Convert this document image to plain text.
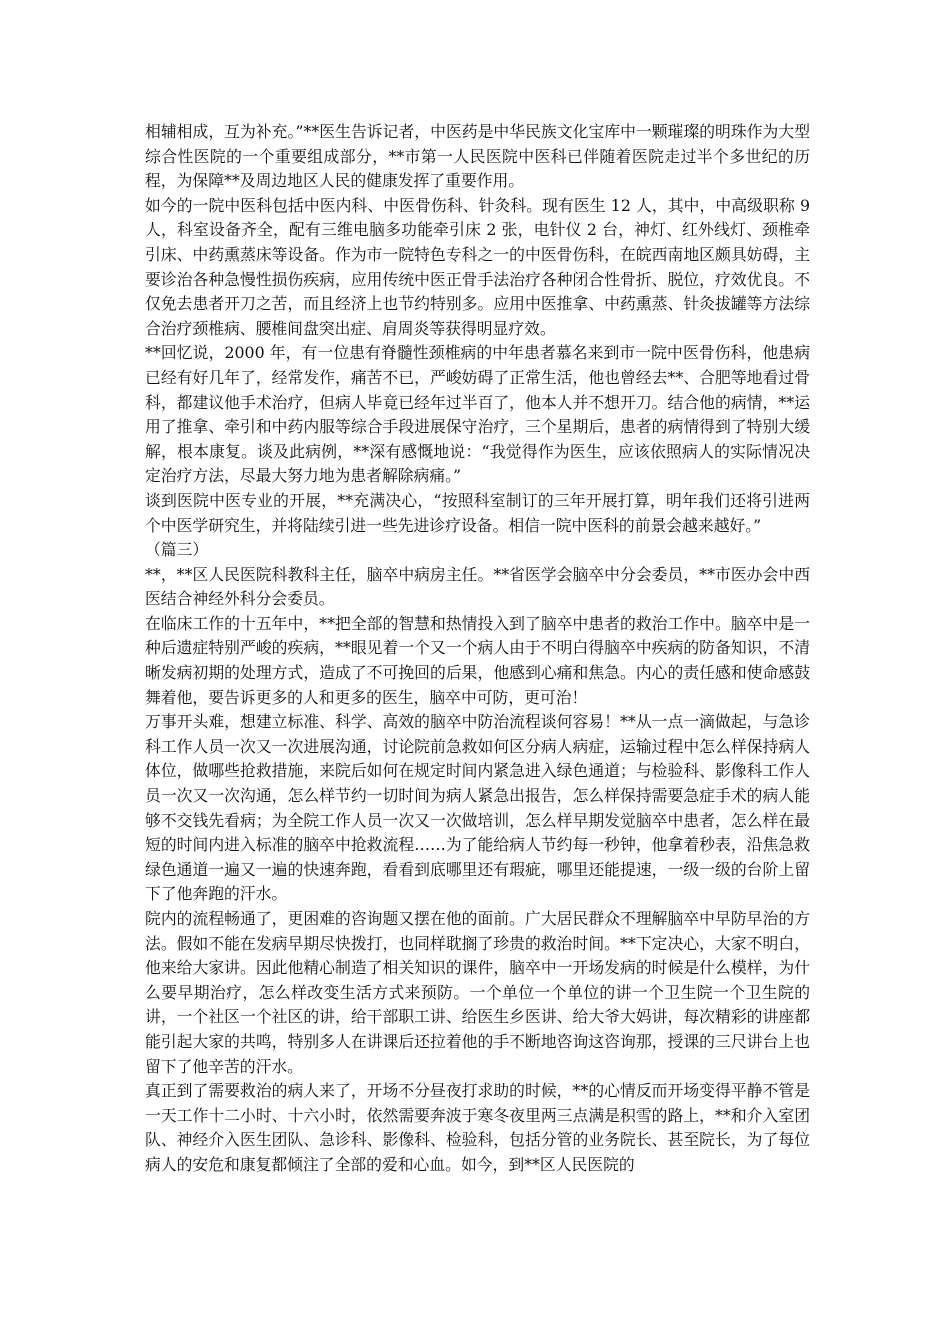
相辅相成，互为补充。”**医生告诉记者，中医药是中华民族文化宝库中一颗璀璨的明珠作为大型综合性医院的一个重要组成部分，**市第一人民医院中医科已伴随着医院走过半个多世纪的历程，为保障**及周边地区人民的健康发挥了重要作用。

如今的一院中医科包括中医内科、中医骨伤科、针灸科。现有医生 12 人，其中，中高级职称 9 人，科室设备齐全，配有三维电脑多功能牵引床 2 张，电针仪 2 台，神灯、红外线灯、颈椎牵引床、中药熏蒸床等设备。作为市一院特色专科之一的中医骨伤科，在皖西南地区颇具妨碍，主要诊治各种急慢性损伤疾病，应用传统中医正骨手法治疗各种闭合性骨折、脱位，疗效优良。不仅免去患者开刀之苦，而且经济上也节约特别多。应用中医推拿、中药熏蒸、针灸拔罐等方法综合治疗颈椎病、腰椎间盘突出症、肩周炎等获得明显疗效。

**回忆说，2000 年，有一位患有脊髓性颈椎病的中年患者慕名来到市一院中医骨伤科，他患病已经有好几年了，经常发作，痛苦不已，严峻妨碍了正常生活，他也曾经去**、合肥等地看过骨科，都建议他手术治疗，但病人毕竟已经年过半百了，他本人并不想开刀。结合他的病情，**运用了推拿、牵引和中药内服等综合手段进展保守治疗，三个星期后，患者的病情得到了特别大缓解，根本康复。谈及此病例，**深有感慨地说：“我觉得作为医生，应该依照病人的实际情况决定治疗方法，尽最大努力地为患者解除病痛。”

谈到医院中医专业的开展，**充满决心，“按照科室制订的三年开展打算，明年我们还将引进两个中医学研究生，并将陆续引进一些先进诊疗设备。相信一院中医科的前景会越来越好。”

（篇三）

**，**区人民医院科教科主任，脑卒中病房主任。**省医学会脑卒中分会委员，**市医办会中西医结合神经外科分会委员。

在临床工作的十五年中，**把全部的智慧和热情投入到了脑卒中患者的救治工作中。脑卒中是一种后遗症特别严峻的疾病，**眼见着一个又一个病人由于不明白得脑卒中疾病的防备知识，不清晰发病初期的处理方式，造成了不可挽回的后果，他感到心痛和焦急。内心的责任感和使命感鼓舞着他，要告诉更多的人和更多的医生，脑卒中可防，更可治！

万事开头难，想建立标准、科学、高效的脑卒中防治流程谈何容易！**从一点一滴做起，与急诊科工作人员一次又一次进展沟通，讨论院前急救如何区分病人病症，运输过程中怎么样保持病人体位，做哪些抢救措施，来院后如何在规定时间内紧急进入绿色通道；与检验科、影像科工作人员一次又一次沟通，怎么样节约一切时间为病人紧急出报告，怎么样保持需要急症手术的病人能够不交钱先看病；为全院工作人员一次又一次做培训，怎么样早期发觉脑卒中患者，怎么样在最短的时间内进入标准的脑卒中抢救流程……为了能给病人节约每一秒钟，他拿着秒表，沿焦急救绿色通道一遍又一遍的快速奔跑，看看到底哪里还有瑕疵，哪里还能提速，一级一级的台阶上留下了他奔跑的汗水。

院内的流程畅通了，更困难的咨询题又摆在他的面前。广大居民群众不理解脑卒中早防早治的方法。假如不能在发病早期尽快拨打，也同样耽搁了珍贵的救治时间。**下定决心，大家不明白，他来给大家讲。因此他精心制造了相关知识的课件，脑卒中一开场发病的时候是什么模样，为什么要早期治疗，怎么样改变生活方式来预防。一个单位一个单位的讲一个卫生院一个卫生院的讲，一个社区一个社区的讲，给干部职工讲、给医生乡医讲、给大爷大妈讲，每次精彩的讲座都能引起大家的共鸣，特别多人在讲课后还拉着他的手不断地咨询这咨询那，授课的三尺讲台上也留下了他辛苦的汗水。

真正到了需要救治的病人来了，开场不分昼夜打求助的时候，**的心情反而开场变得平静不管是一天工作十二小时、十六小时，依然需要奔波于寒冬夜里两三点满是积雪的路上，**和介入室团队、神经介入医生团队、急诊科、影像科、检验科，包括分管的业务院长、甚至院长，为了每位病人的安危和康复都倾注了全部的爱和心血。如今，到**区人民医院的
